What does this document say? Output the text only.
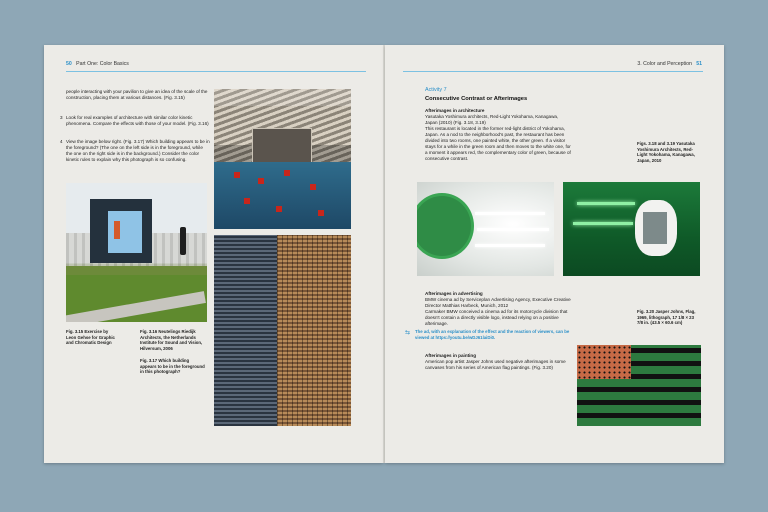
50 Part One: Color Basics

people interacting with your pavilion to give an idea of the scale of the construction, placing them at various distances. (Fig. 3.15)

3 Look for real examples of architecture with similar color kinetic phenomena. Compare the effects with those of your model. (Fig. 3.16)

4 View the image below right. (Fig. 3.17) Which building appears to be in the foreground? (The one on the left side is in the foreground, while the one on the right side is in the background.) Consider the color kinetic rules to explain why this photograph is so confusing.

Fig. 3.15 Exercise by Leon Gehse for Graphic and Chromatic Design

Fig. 3.16 Neutelings Riedijk Architects, the Netherlands Institute for Sound and Vision, Hilversum, 2006

Fig. 3.17 Which building appears to be in the foreground in this photograph?

3. Color and Perception 51
Activity 7
Consecutive Contrast or Afterimages

Afterimages in architecture

Yasutaka Yoshimura architects, Red-Light Yokohama, Kanagawa, Japan (2010) (Fig. 3.18, 3.19)
This restaurant is located in the former red-light district of Yokohama, Japan. As a nod to the neighborhood's past, the restaurant has been divided into two rooms, one painted white, the other green. If a visitor stays for a while in the green room and then moves to the white one, for a moment it appears red, the complementary color of green, because of consecutive contrast.

Figs. 3.18 and 3.19 Yasutaka Yoshimura Architects, Red-Light Yokohama, Kanagawa, Japan, 2010

Afterimages in advertising

BMW cinema ad by Serviceplan Advertising Agency, Executive Creative Director Matthias Harbeck, Munich, 2012
Carmaker BMW conceived a cinema ad for its motorcycle division that doesn't contain a directly visible logo, instead relying on a positive afterimage.

⇆ The ad, with an explanation of the effect and the reaction of viewers, can be viewed at https://youtu.be/wDJ61laiDi0.

Afterimages in painting

American pop artist Jasper Johns used negative afterimages in some canvases from his series of American flag paintings. (Fig. 3.20)

Fig. 3.20 Jasper Johns, Flag, 1969, lithograph, 17 1/8 × 23 7/8 in. (43.5 × 60.6 cm)
